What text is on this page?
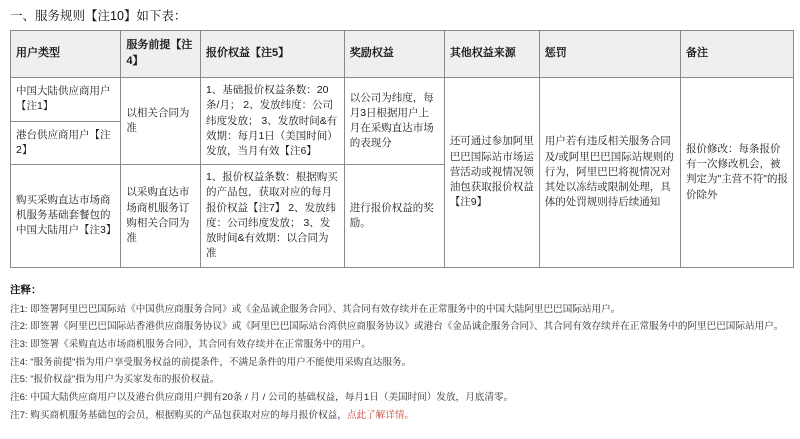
一、服务规则【注10】如下表：
用户类型	服务前提【注4】	报价权益【注5】	奖励权益	其他权益来源	惩罚	备注
中国大陆供应商用户【注1】	以相关合同为准	1、基础报价权益条数：20条/月； 2、发放纬度：公司纬度发放； 3、发放时间&有效期：每月1日（美国时间）发放，当月有效【注6】	以公司为纬度，每月3日根据用户上月在采购直达市场的表现分	还可通过参加阿里巴巴国际站市场运营活动或视情况领油包获取报价权益【注9】	用户若有违反相关服务合同及/或阿里巴巴国际站规则的行为，阿里巴巴将视情况对其处以冻结或限制处理，具体的处罚规则待后续通知	报价修改：每条报价有一次修改机会，被判定为"主营不符"的报价除外
港台供应商用户【注2】						
购买采购直达市场商机服务基础套餐包的中国大陆用户【注3】	以采购直达市场商机服务订购相关合同为准	1、报价权益条数：根据购买的产品包，获取对应的每月报价权益【注7】 2、发放纬度：公司纬度发放； 3、发放时间&有效期：以合同为准	进行报价权益的奖励。			
注释：
注1: 即签署阿里巴巴国际站《中国供应商服务合同》或《金品诚企服务合同》、其合同有效存续并在正常服务中的中国大陆阿里巴巴国际站用户。
注2: 即签署《阿里巴巴国际站香港供应商服务协议》或《阿里巴巴国际站台湾供应商服务协议》或港台《金品诚企服务合同》、其合同有效存续并在正常服务中的阿里巴巴国际站用户。
注3: 即签署《采购直达市场商机服务合同》，其合同有效存续并在正常服务中的用户。
注4: "服务前提"指为用户享受服务权益的前提条件，不满足条件的用户不能使用采购直达服务。
注5: "报价权益"指为用户为买家发布的报价权益。
注6: 中国大陆供应商用户以及港台供应商用户拥有20条 / 月 / 公司的基础权益，每月1日（美国时间）发放，月底清零。
注7: 购买商机服务基础包的会员，根据购买的产品包获取对应的每月报价权益，点此了解详情。
